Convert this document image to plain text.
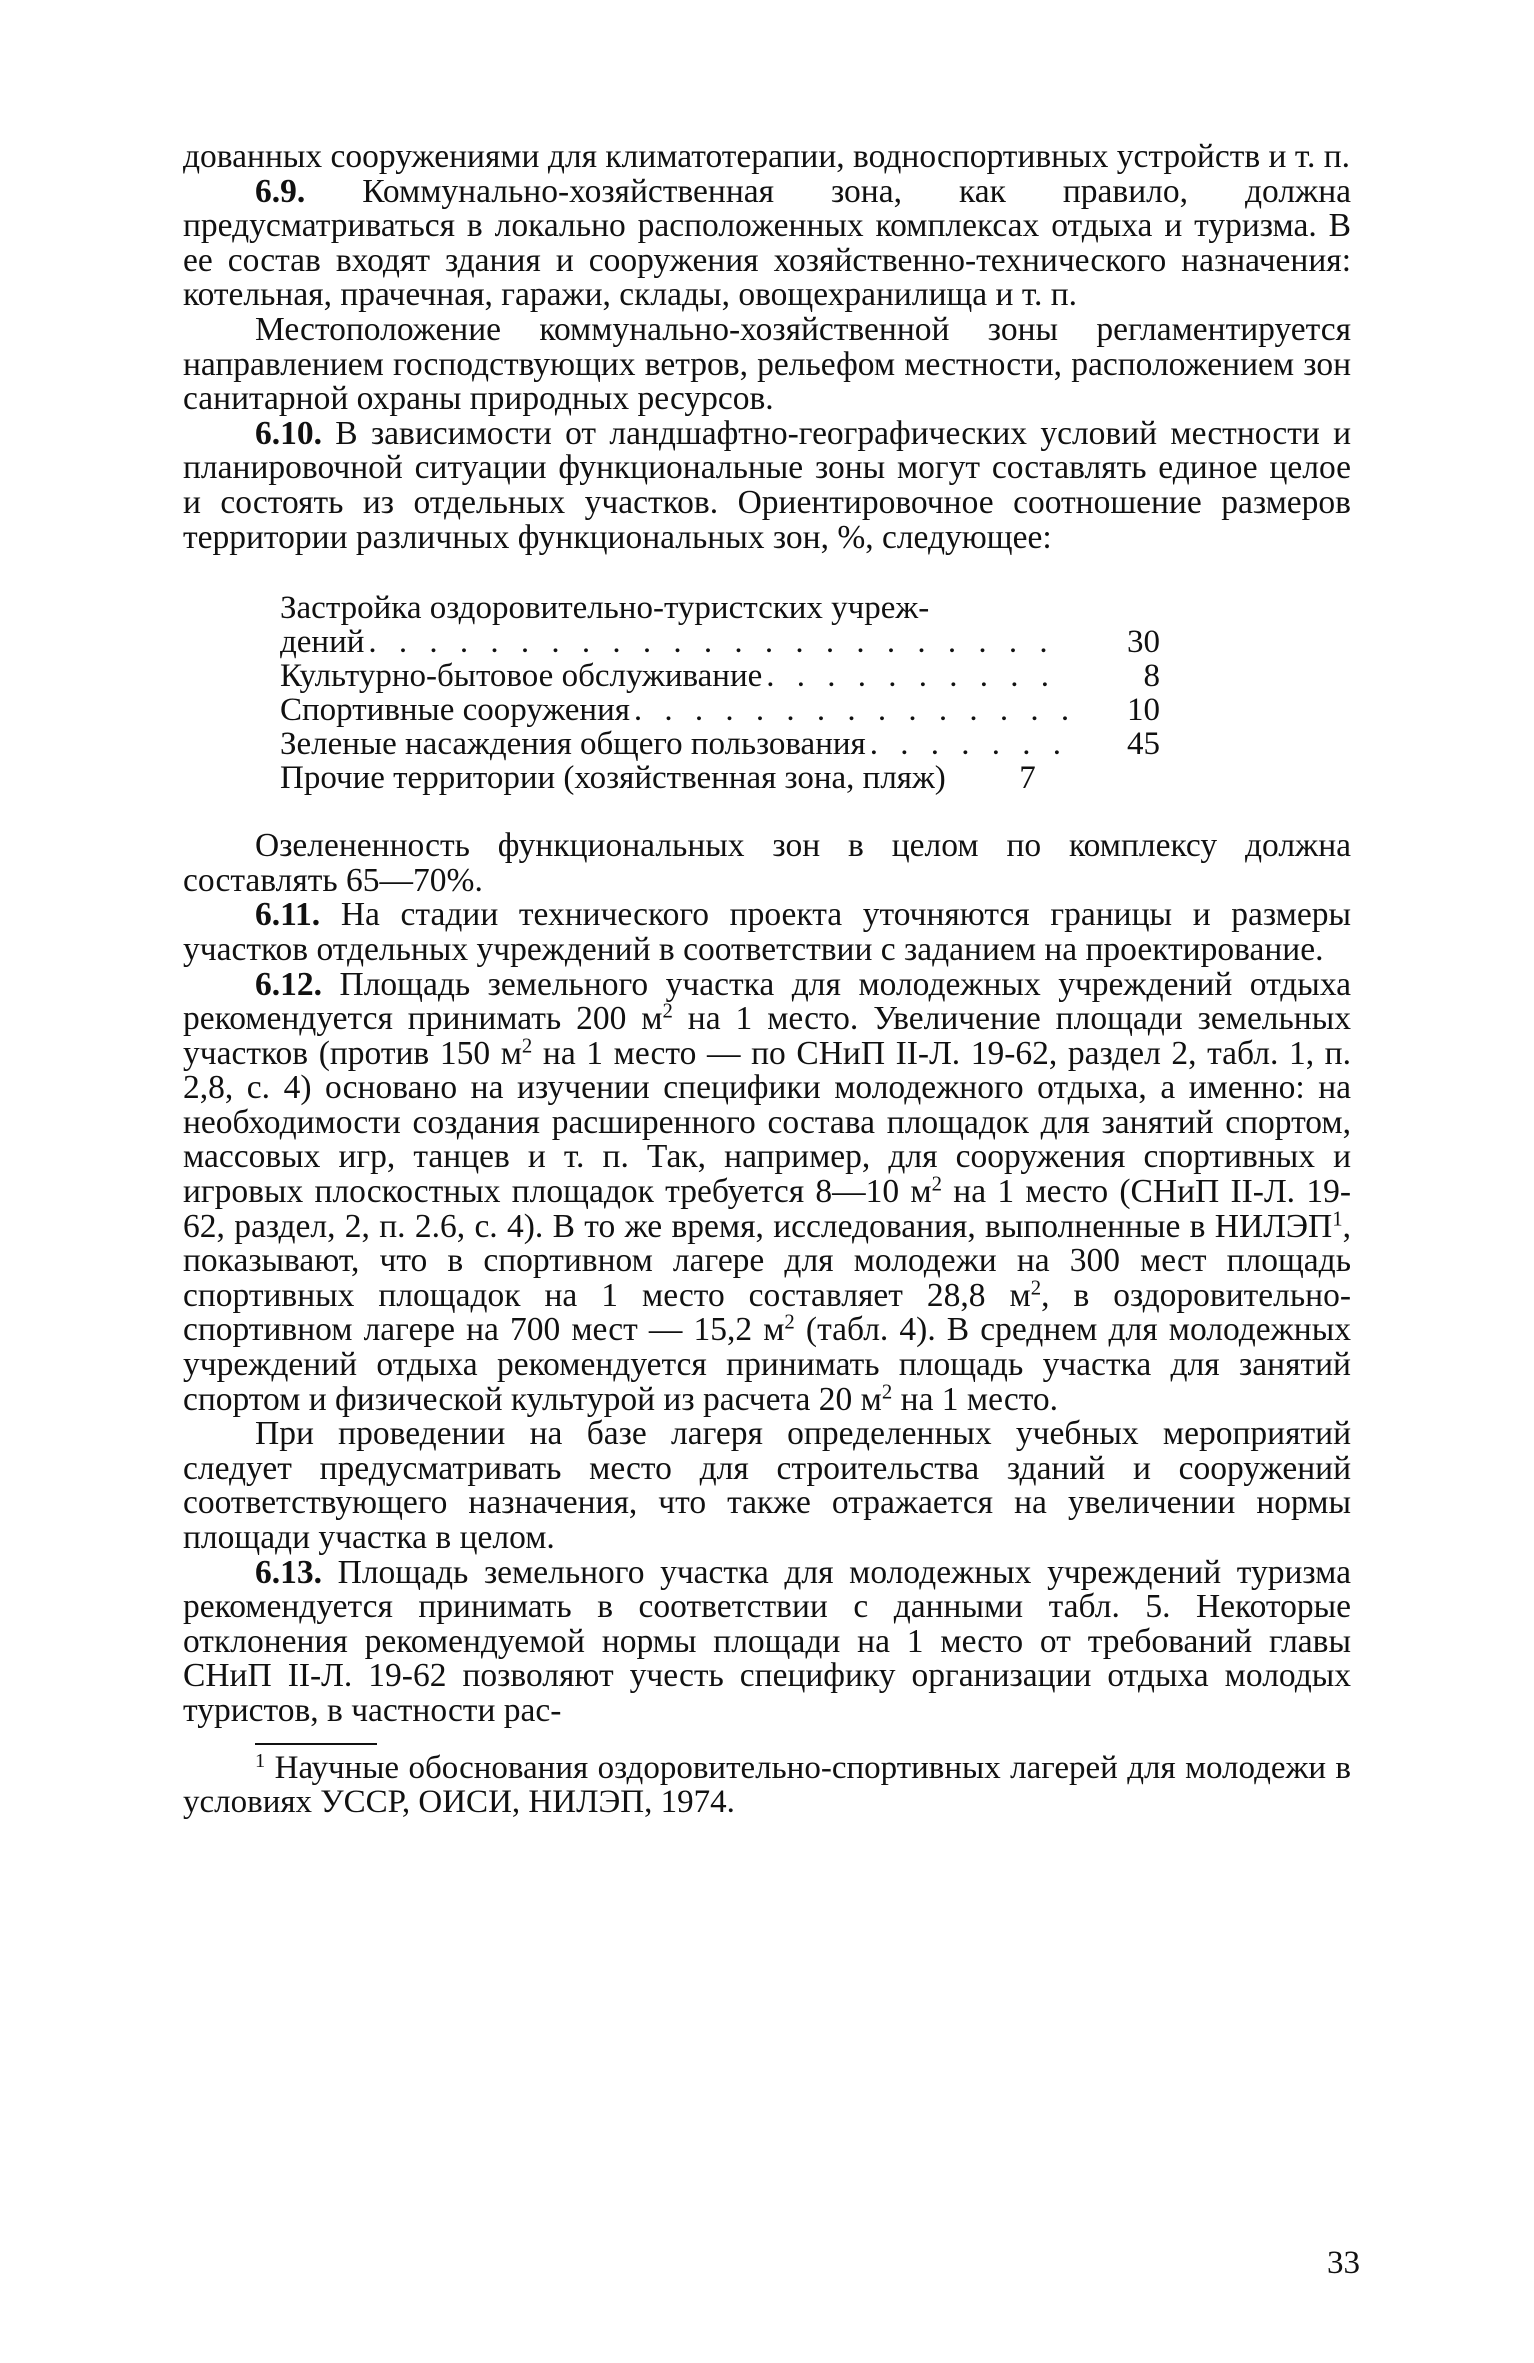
дованных сооружениями для климатотерапии, водноспортивных устройств и т. п.

6.9. Коммунально-хозяйственная зона, как правило, должна предусматриваться в локально расположенных комплексах отдыха и туризма. В ее состав входят здания и сооружения хозяйственно-технического назначения: котельная, прачечная, гаражи, склады, овощехранилища и т. п.

Местоположение коммунально-хозяйственной зоны регламентируется направлением господствующих ветров, рельефом местности, расположением зон санитарной охраны природных ресурсов.

6.10. В зависимости от ландшафтно-географических условий местности и планировочной ситуации функциональные зоны могут составлять единое целое и состоять из отдельных участков. Ориентировочное соотношение размеров территории различных функциональных зон, %, следующее:

Застройка оздоровительно-туристских учреж-
дений . . .	30
Культурно-бытовое обслуживание . . .	8
Спортивные сооружения . . .	10
Зеленые насаждения общего пользования . . .	45
Прочие территории (хозяйственная зона, пляж)	7

Озелененность функциональных зон в целом по комплексу должна составлять 65—70%.

6.11. На стадии технического проекта уточняются границы и размеры участков отдельных учреждений в соответствии с заданием на проектирование.

6.12. Площадь земельного участка для молодежных учреждений отдыха рекомендуется принимать 200 $м^2$ на 1 место. Увеличение площади земельных участков (против 150 $м^2$ на 1 место — по СНиП II-Л. 19-62, раздел 2, табл. 1, п. 2,8, с. 4) основано на изучении специфики молодежного отдыха, а именно: на необходимости создания расширенного состава площадок для занятий спортом, массовых игр, танцев и т. п. Так, например, для сооружения спортивных и игровых плоскостных площадок требуется 8—10 $м^2$ на 1 место (СНиП II-Л. 19-62, раздел, 2, п. 2.6, с. 4). В то же время, исследования, выполненные в НИЛЭП$^1$, показывают, что в спортивном лагере для молодежи на 300 мест площадь спортивных площадок на 1 место составляет 28,8 $м^2$, в оздоровительно-спортивном лагере на 700 мест — 15,2 $м^2$ (табл. 4). В среднем для молодежных учреждений отдыха рекомендуется принимать площадь участка для занятий спортом и физической культурой из расчета 20 $м^2$ на 1 место.

При проведении на базе лагеря определенных учебных мероприятий следует предусматривать место для строительства зданий и сооружений соответствующего назначения, что также отражается на увеличении нормы площади участка в целом.

6.13. Площадь земельного участка для молодежных учреждений туризма рекомендуется принимать в соответствии с данными табл. 5. Некоторые отклонения рекомендуемой нормы площади на 1 место от требований главы СНиП II-Л. 19-62 позволяют учесть специфику организации отдыха молодых туристов, в частности рас-

$^1$ Научные обоснования оздоровительно-спортивных лагерей для молодежи в условиях УССР, ОИСИ, НИЛЭП, 1974.

33
